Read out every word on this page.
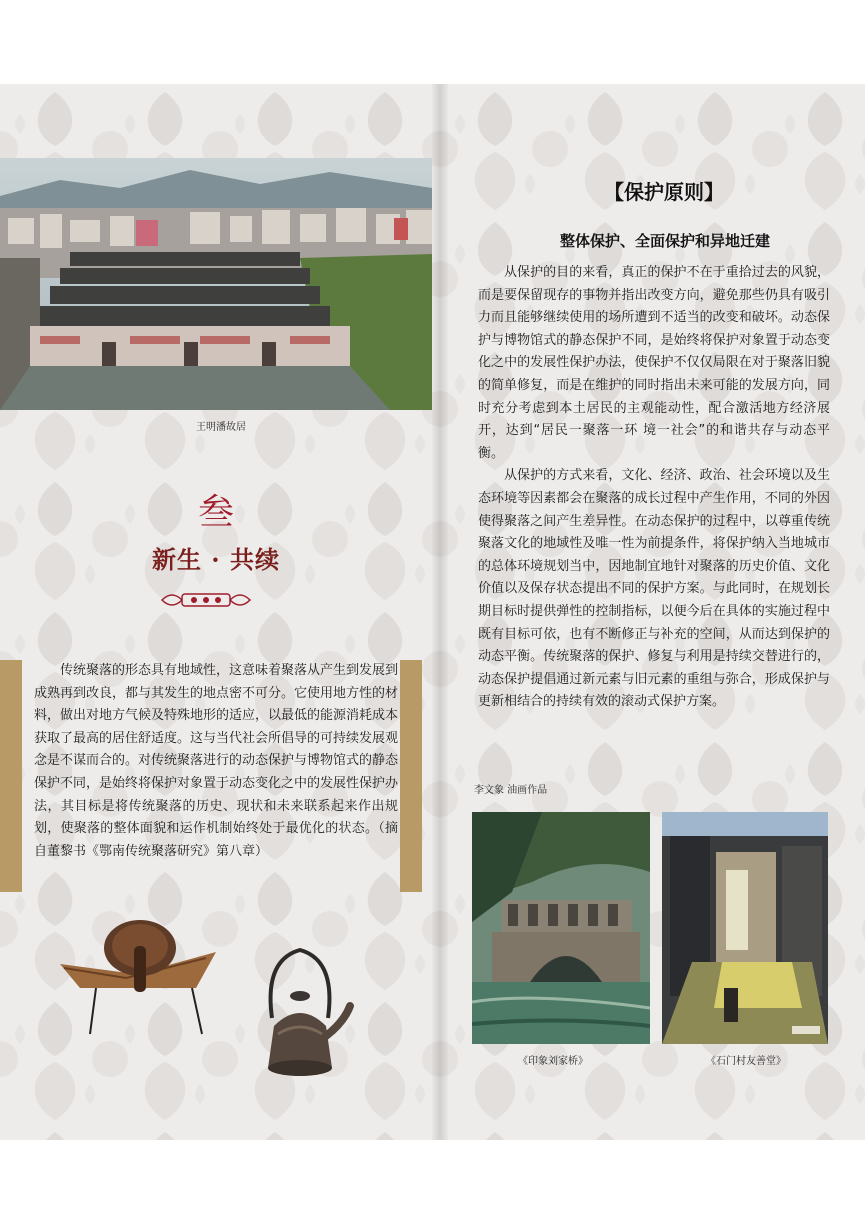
王明潘故居
叁
新生 · 共续

传统聚落的形态具有地域性，这意味着聚落从产生到发展到成熟再到改良，都与其发生的地点密不可分。它使用地方性的材料，做出对地方气候及特殊地形的适应，以最低的能源消耗成本获取了最高的居住舒适度。这与当代社会所倡导的可持续发展观念是不谋而合的。对传统聚落进行的动态保护与博物馆式的静态保护不同，是始终将保护对象置于动态变化之中的发展性保护办法，其目标是将传统聚落的历史、现状和未来联系起来作出规划，使聚落的整体面貌和运作机制始终处于最优化的状态。（摘自董黎书《鄂南传统聚落研究》第八章）

【保护原则】
整体保护、全面保护和异地迁建

从保护的目的来看，真正的保护不在于重拾过去的风貌，而是要保留现存的事物并指出改变方向，避免那些仍具有吸引力而且能够继续使用的场所遭到不适当的改变和破坏。动态保护与博物馆式的静态保护不同，是始终将保护对象置于动态变化之中的发展性保护办法，使保护不仅仅局限在对于聚落旧貌的简单修复，而是在维护的同时指出未来可能的发展方向，同时充分考虑到本土居民的主观能动性，配合激活地方经济展开，达到“居民一聚落一环 境一社会”的和谐共存与动态平衡。

从保护的方式来看，文化、经济、政治、社会环境以及生态环境等因素都会在聚落的成长过程中产生作用，不同的外因使得聚落之间产生差异性。在动态保护的过程中，以尊重传统聚落文化的地域性及唯一性为前提条件，将保护纳入当地城市的总体环境规划当中，因地制宜地针对聚落的历史价值、文化价值以及保存状态提出不同的保护方案。与此同时，在规划长期目标时提供弹性的控制指标，以便今后在具体的实施过程中既有目标可依，也有不断修正与补充的空间，从而达到保护的动态平衡。传统聚落的保护、修复与利用是持续交替进行的，动态保护提倡通过新元素与旧元素的重组与弥合，形成保护与更新相结合的持续有效的滚动式保护方案。

李文象 油画作品
《印象刘家桥》	《石门村友善堂》
